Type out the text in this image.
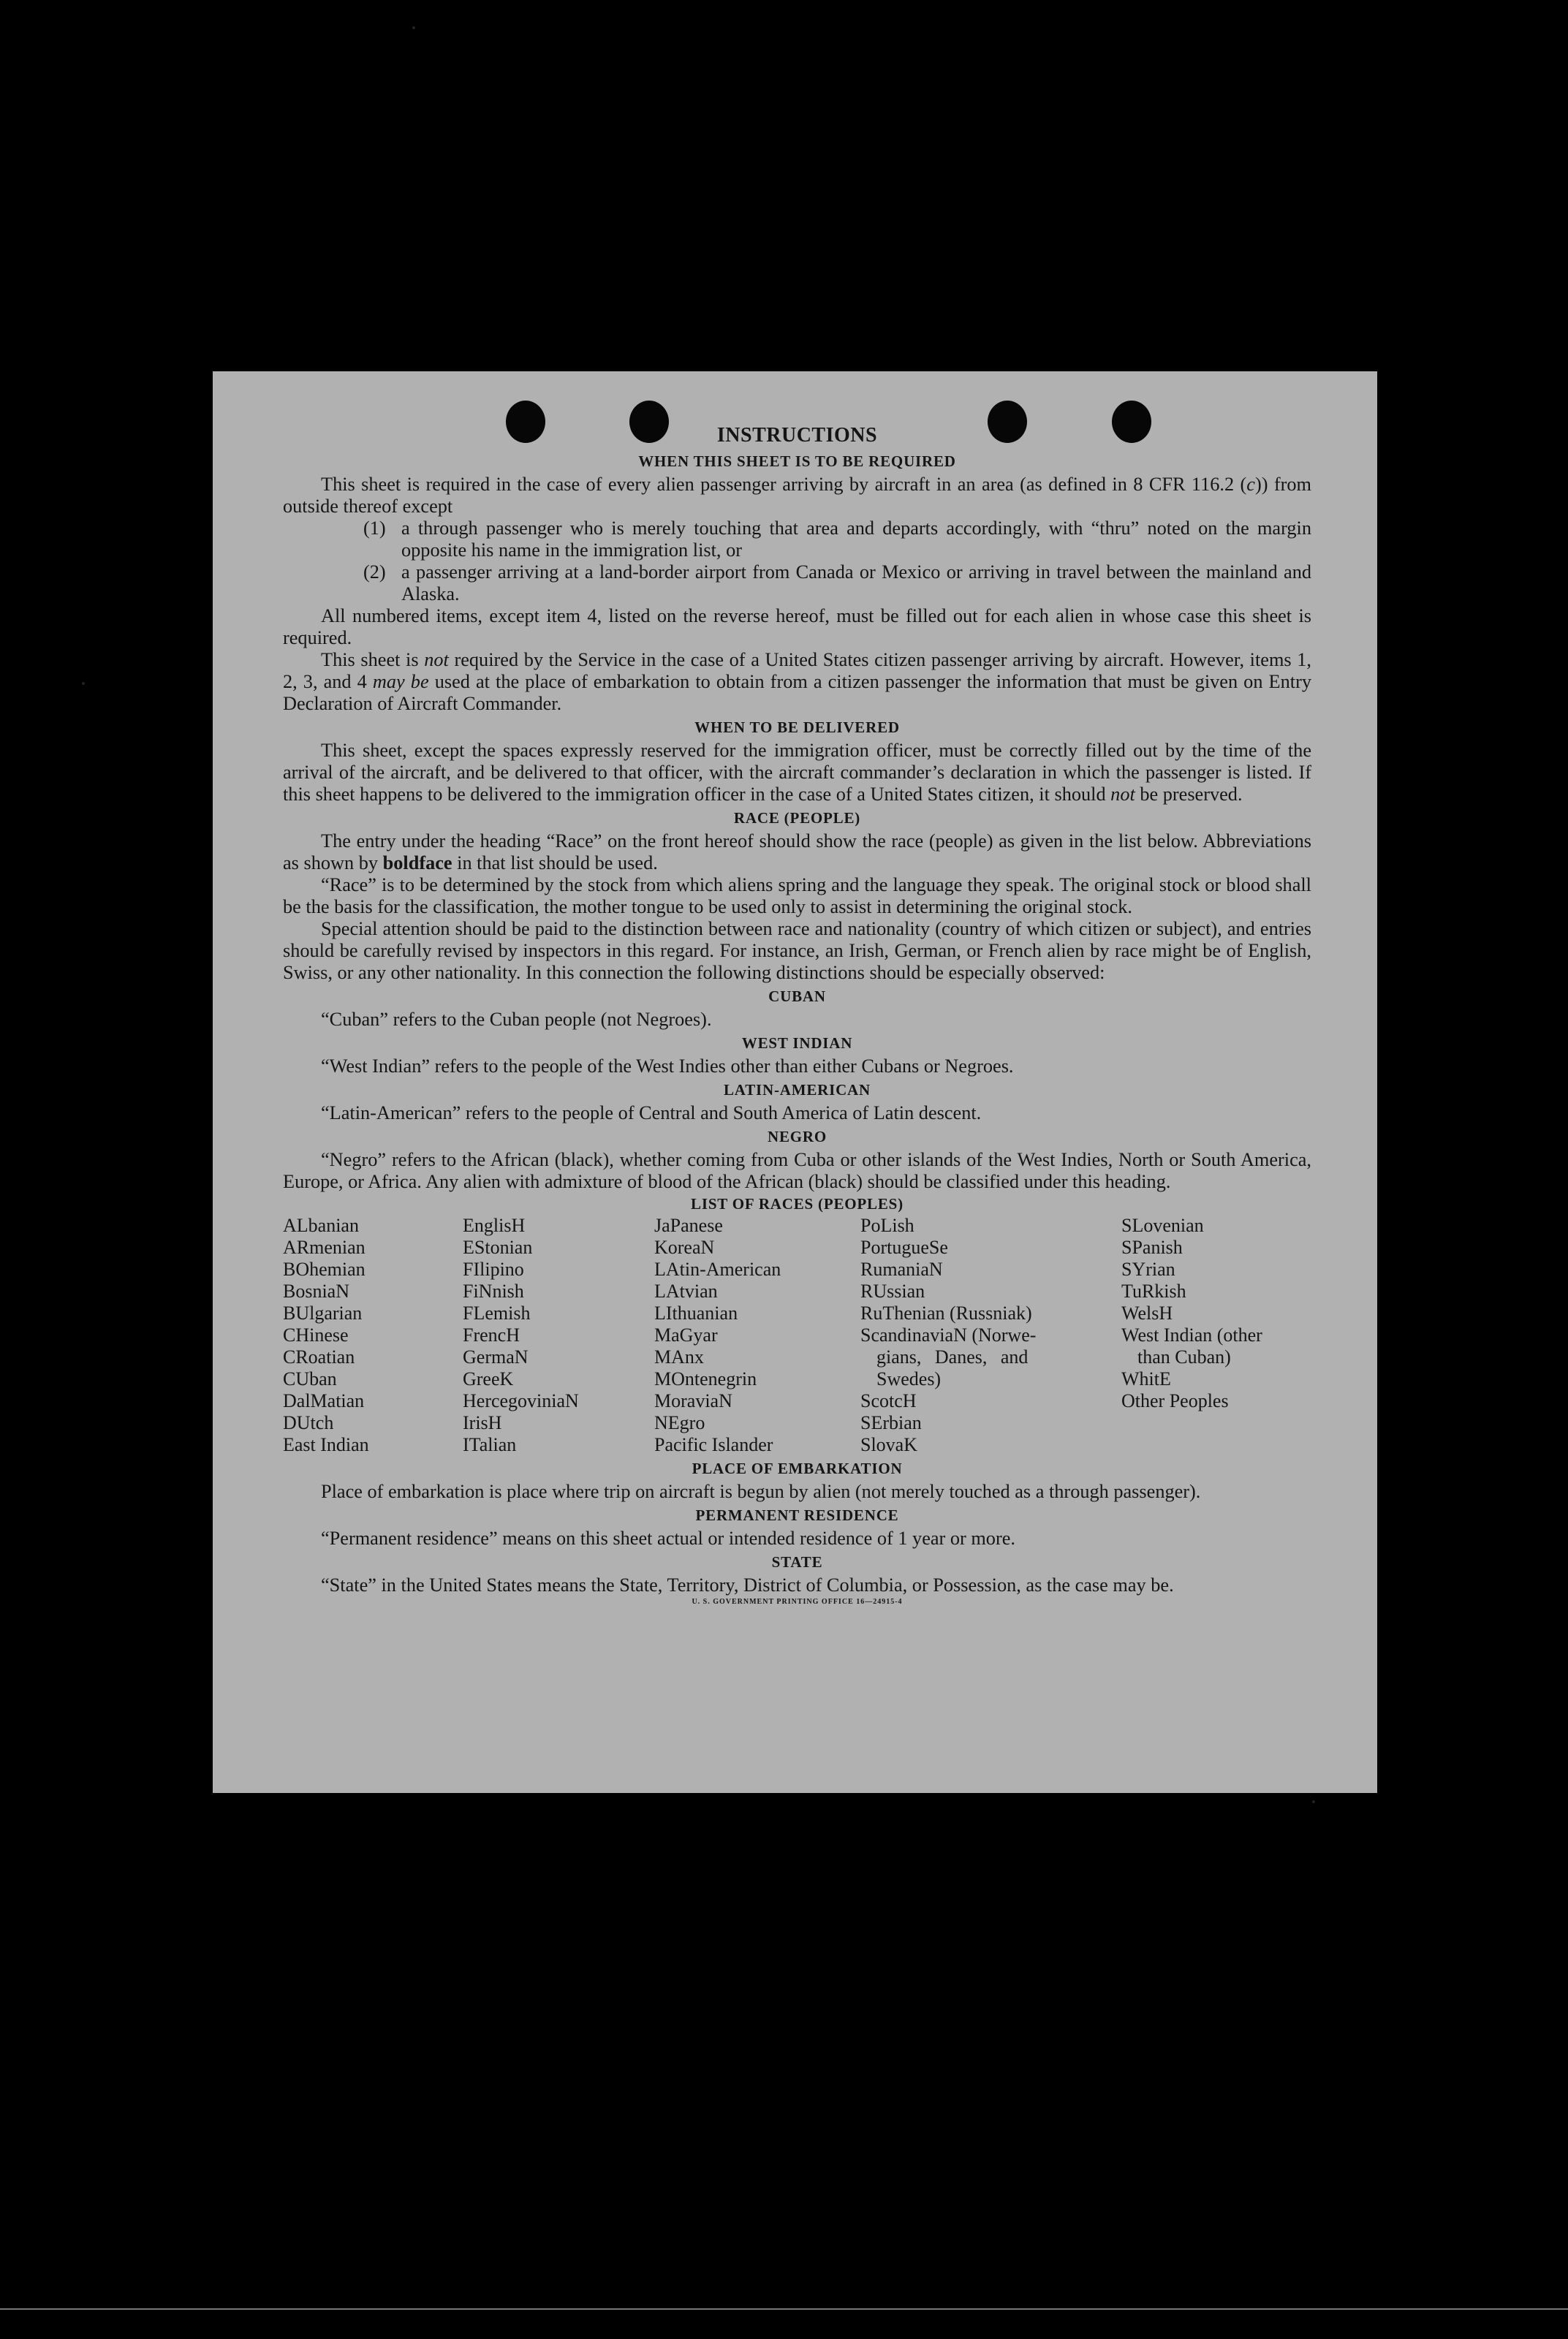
INSTRUCTIONS

WHEN THIS SHEET IS TO BE REQUIRED

This sheet is required in the case of every alien passenger arriving by aircraft in an area (as defined in 8 CFR 116.2 (c)) from outside thereof except

(1) a through passenger who is merely touching that area and departs accordingly, with “thru” noted on the margin opposite his name in the immigration list, or
(2) a passenger arriving at a land-border airport from Canada or Mexico or arriving in travel between the mainland and Alaska.

All numbered items, except item 4, listed on the reverse hereof, must be filled out for each alien in whose case this sheet is required.

This sheet is not required by the Service in the case of a United States citizen passenger arriving by aircraft. However, items 1, 2, 3, and 4 may be used at the place of embarkation to obtain from a citizen passenger the information that must be given on Entry Declaration of Aircraft Commander.

WHEN TO BE DELIVERED

This sheet, except the spaces expressly reserved for the immigration officer, must be correctly filled out by the time of the arrival of the aircraft, and be delivered to that officer, with the aircraft commander’s declaration in which the passenger is listed. If this sheet happens to be delivered to the immigration officer in the case of a United States citizen, it should not be preserved.

RACE (PEOPLE)

The entry under the heading “Race” on the front hereof should show the race (people) as given in the list below. Abbreviations as shown by boldface in that list should be used.

“Race” is to be determined by the stock from which aliens spring and the language they speak. The original stock or blood shall be the basis for the classification, the mother tongue to be used only to assist in determining the original stock.

Special attention should be paid to the distinction between race and nationality (country of which citizen or subject), and entries should be carefully revised by inspectors in this regard. For instance, an Irish, German, or French alien by race might be of English, Swiss, or any other nationality. In this connection the following distinctions should be especially observed:

CUBAN

“Cuban” refers to the Cuban people (not Negroes).

WEST INDIAN

“West Indian” refers to the people of the West Indies other than either Cubans or Negroes.

LATIN-AMERICAN

“Latin-American” refers to the people of Central and South America of Latin descent.

NEGRO

“Negro” refers to the African (black), whether coming from Cuba or other islands of the West Indies, North or South America, Europe, or Africa. Any alien with admixture of blood of the African (black) should be classified under this heading.

LIST OF RACES (PEOPLES)

ALbanian
ARmenian
BOhemian
BosniaN
BUlgarian
CHinese
CRoatian
CUban
DalMatian
DUtch
East Indian
EnglisH
EStonian
FIlipino
FiNnish
FLemish
FrencH
GermaN
GreeK
HercegoviniaN
IrisH
ITalian
JaPanese
KoreaN
LAtin-American
LAtvian
LIthuanian
MaGyar
MAnx
MOntenegrin
MoraviaN
NEgro
Pacific Islander
PoLish
PortugueSe
RumaniaN
RUssian
RuThenian (Russniak)
ScandinaviaN (Norwe-
gians, Danes, and
Swedes)
ScotcH
SErbian
SlovaK
SLovenian
SPanish
SYrian
TuRkish
WelsH
West Indian (other
than Cuban)
WhitE
Other Peoples

PLACE OF EMBARKATION

Place of embarkation is place where trip on aircraft is begun by alien (not merely touched as a through passenger).

PERMANENT RESIDENCE

“Permanent residence” means on this sheet actual or intended residence of 1 year or more.

STATE

“State” in the United States means the State, Territory, District of Columbia, or Possession, as the case may be.

U. S. GOVERNMENT PRINTING OFFICE 16—24915-4
